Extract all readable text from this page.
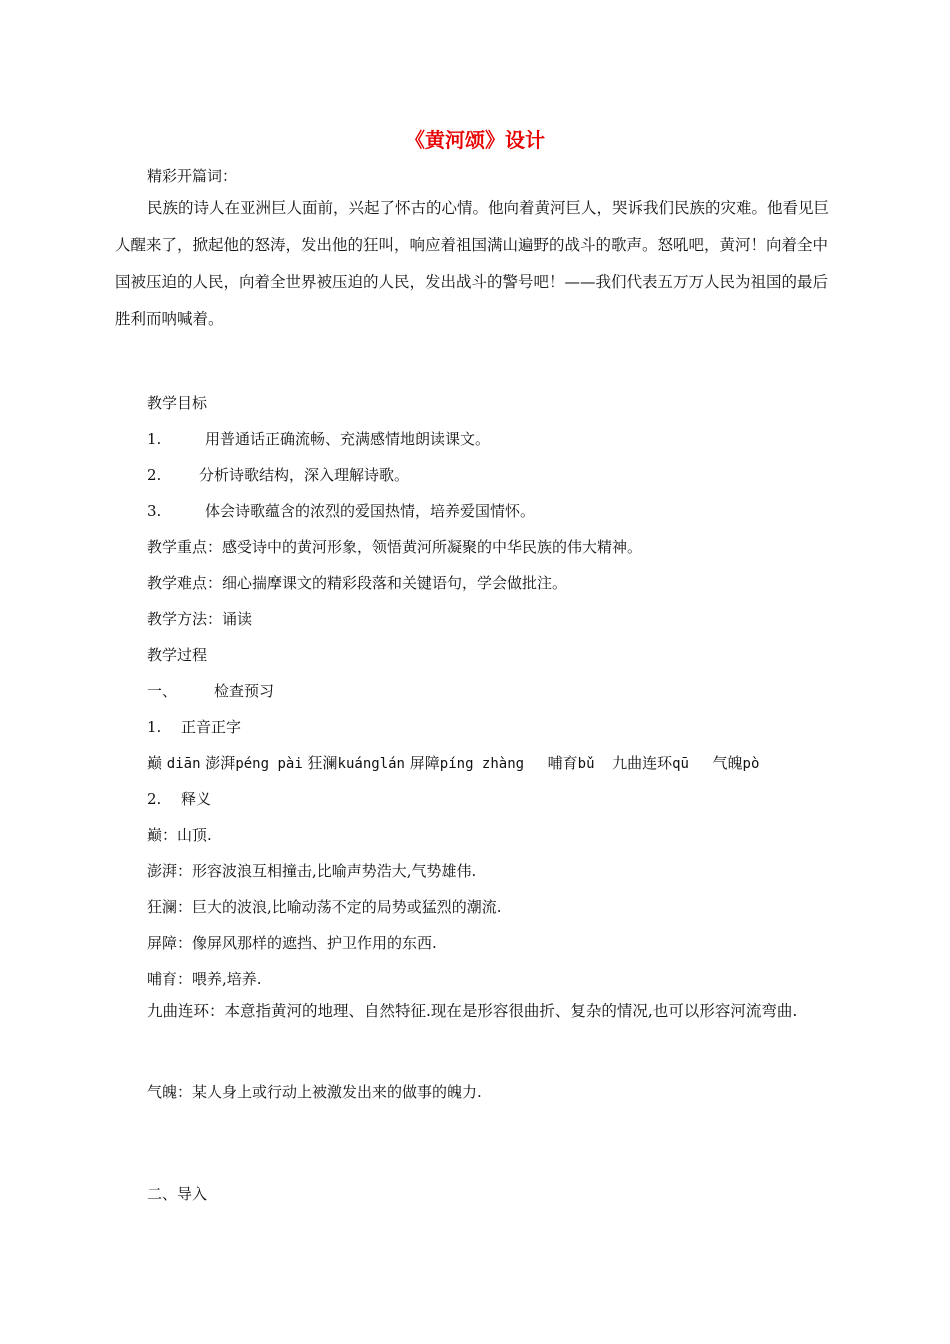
《黄河颂》设计
精彩开篇词：
民族的诗人在亚洲巨人面前，兴起了怀古的心情。他向着黄河巨人，哭诉我们民族的灾难。他看见巨人醒来了，掀起他的怒涛，发出他的狂叫，响应着祖国满山遍野的战斗的歌声。怒吼吧，黄河！向着全中国被压迫的人民，向着全世界被压迫的人民，发出战斗的警号吧！——我们代表五万万人民为祖国的最后胜利而呐喊着。
教学目标
1.	用普通话正确流畅、充满感情地朗读课文。
2.	分析诗歌结构，深入理解诗歌。
3.	体会诗歌蕴含的浓烈的爱国热情，培养爱国情怀。
教学重点：感受诗中的黄河形象，领悟黄河所凝聚的中华民族的伟大精神。
教学难点：细心揣摩课文的精彩段落和关键语句，学会做批注。
教学方法：诵读
教学过程
一、 检查预习
1. 正音正字
巅 diān 澎湃péng pài 狂澜kuánglán 屏障píng zhàng 哺育bǔ 九曲连环qū 气魄pò
2. 释义
巅：山顶.
澎湃：形容波浪互相撞击,比喻声势浩大,气势雄伟.
狂澜：巨大的波浪,比喻动荡不定的局势或猛烈的潮流.
屏障：像屏风那样的遮挡、护卫作用的东西.
哺育：喂养,培养.
九曲连环：本意指黄河的地理、自然特征.现在是形容很曲折、复杂的情况,也可以形容河流弯曲.
气魄：某人身上或行动上被激发出来的做事的魄力.
二、导入
